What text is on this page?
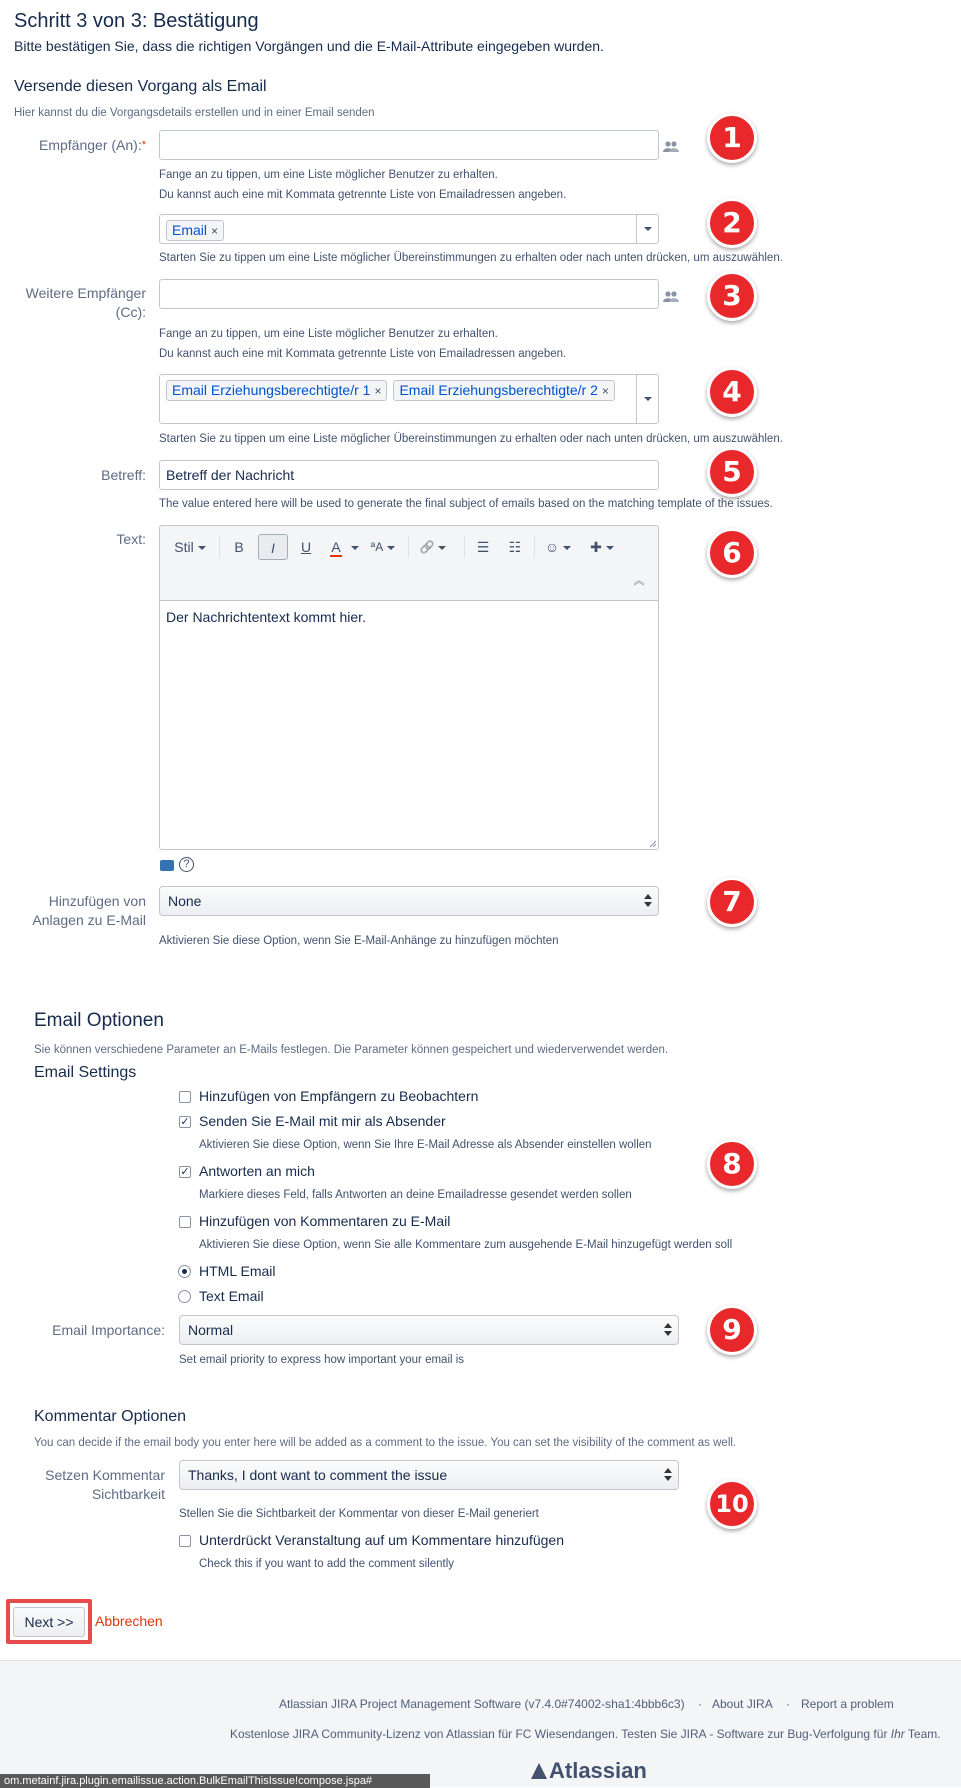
Schritt 3 von 3: Bestätigung
Bitte bestätigen Sie, dass die richtigen Vorgängen und die E-Mail-Attribute eingegeben wurden.
Versende diesen Vorgang als Email
Hier kannst du die Vorgangsdetails erstellen und in einer Email senden
Empfänger (An):*
Fange an zu tippen, um eine Liste möglicher Benutzer zu erhalten.
Du kannst auch eine mit Kommata getrennte Liste von Emailadressen angeben.
Email ×
Starten Sie zu tippen um eine Liste möglicher Übereinstimmungen zu erhalten oder nach unten drücken, um auszuwählen.
Weitere Empfänger
(Cc):
Fange an zu tippen, um eine Liste möglicher Benutzer zu erhalten.
Du kannst auch eine mit Kommata getrennte Liste von Emailadressen angeben.
Email Erziehungsberechtigte/r 1 × Email Erziehungsberechtigte/r 2 ×
Starten Sie zu tippen um eine Liste möglicher Übereinstimmungen zu erhalten oder nach unten drücken, um auszuwählen.
Betreff:
Betreff der Nachricht
The value entered here will be used to generate the final subject of emails based on the matching template of the issues.
Text:	Stil	B	I	U	A	ªA	🔗	☰	☷	☺	✚
︽
Der Nachrichtentext kommt hier.
?
Hinzufügen von
Anlagen zu E-Mail
None
Aktivieren Sie diese Option, wenn Sie E-Mail-Anhänge zu hinzufügen möchten
Email Optionen
Sie können verschiedene Parameter an E-Mails festlegen. Die Parameter können gespeichert und wiederverwendet werden.
Email Settings
Hinzufügen von Empfängern zu Beobachtern
✓ Senden Sie E-Mail mit mir als Absender
Aktivieren Sie diese Option, wenn Sie Ihre E-Mail Adresse als Absender einstellen wollen
✓ Antworten an mich
Markiere dieses Feld, falls Antworten an deine Emailadresse gesendet werden sollen
Hinzufügen von Kommentaren zu E-Mail
Aktivieren Sie diese Option, wenn Sie alle Kommentare zum ausgehende E-Mail hinzugefügt werden soll
HTML Email
Text Email
Email Importance:	Normal
Set email priority to express how important your email is
Kommentar Optionen
You can decide if the email body you enter here will be added as a comment to the issue. You can set the visibility of the comment as well.
Setzen Kommentar
Sichtbarkeit
Thanks, I dont want to comment the issue
Stellen Sie die Sichtbarkeit der Kommentar von dieser E-Mail generiert
Unterdrückt Veranstaltung auf um Kommentare hinzufügen
Check this if you want to add the comment silently
Next >>	Abbrechen
1
2
3
4
5
6
7
8
9
10
Atlassian JIRA Project Management Software (v7.4.0#74002-sha1:4bbb6c3) · About JIRA · Report a problem
Kostenlose JIRA Community-Lizenz von Atlassian für FC Wiesendangen. Testen Sie JIRA - Software zur Bug-Verfolgung für Ihr Team.
Atlassian
om.metainf.jira.plugin.emailissue.action.BulkEmailThisIssue!compose.jspa#
